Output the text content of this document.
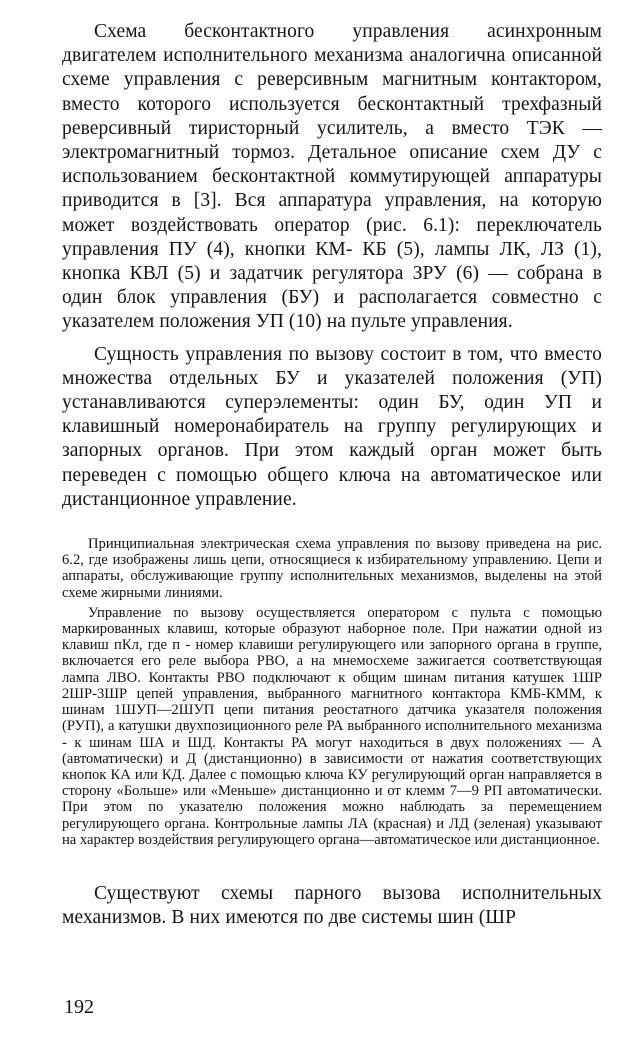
Схема бесконтактного управления асинхронным двигателем исполнительного механизма аналогична описанной схеме управления с реверсивным магнитным контактором, вместо которого используется бесконтактный трехфазный реверсивный тиристорный усилитель, а вместо ТЭК — электромагнитный тормоз. Детальное описание схем ДУ с использованием бесконтактной коммутирующей аппаратуры приводится в [3]. Вся аппаратура управления, на которую может воздействовать оператор (рис. 6.1): переключатель управления ПУ (4), кнопки КМ- КБ (5), лампы ЛК, ЛЗ (1), кнопка КВЛ (5) и задатчик регулятора ЗРУ (6) — собрана в один блок управления (БУ) и располагается совместно с указателем положения УП (10) на пульте управления.

Сущность управления по вызову состоит в том, что вместо множества отдельных БУ и указателей положения (УП) устанавливаются суперэлементы: один БУ, один УП и клавишный номеронабиратель на группу регулирующих и запорных органов. При этом каждый орган может быть переведен с помощью общего ключа на автоматическое или дистанционное управление.

Принципиальная электрическая схема управления по вызову приведена на рис. 6.2, где изображены лишь цепи, относящиеся к избирательному управлению. Цепи и аппараты, обслуживающие группу исполнительных механизмов, выделены на этой схеме жирными линиями.

Управление по вызову осуществляется оператором с пульта с помощью маркированных клавиш, которые образуют наборное поле. При нажатии одной из клавиш пКл, где п - номер клавиши регулирующего или запорного органа в группе, включается его реле выбора РВО, а на мнемосхеме зажигается соответствующая лампа ЛВО. Контакты РВО подключают к общим шинам питания катушек 1ШР 2ШР-3ШР цепей управления, выбранного магнитного контактора КМБ-КММ, к шинам 1ШУП—2ШУП цепи питания реостатного датчика указателя положения (РУП), а катушки двухпозиционного реле РА выбранного исполнительного механизма - к шинам ША и ШД. Контакты РА могут находиться в двух положениях — А (автоматически) и Д (дистанционно) в зависимости от нажатия соответствующих кнопок КА или КД. Далее с помощью ключа КУ регулирующий орган направляется в сторону «Больше» или «Меньше» дистанционно и от клемм 7—9 РП автоматически. При этом по указателю положения можно наблюдать за перемещением регулирующего органа. Контрольные лампы ЛА (красная) и ЛД (зеленая) указывают на характер воздействия регулирующего органа—автоматическое или дистанционное.

Существуют схемы парного вызова исполнительных механизмов. В них имеются по две системы шин (ШР

192
